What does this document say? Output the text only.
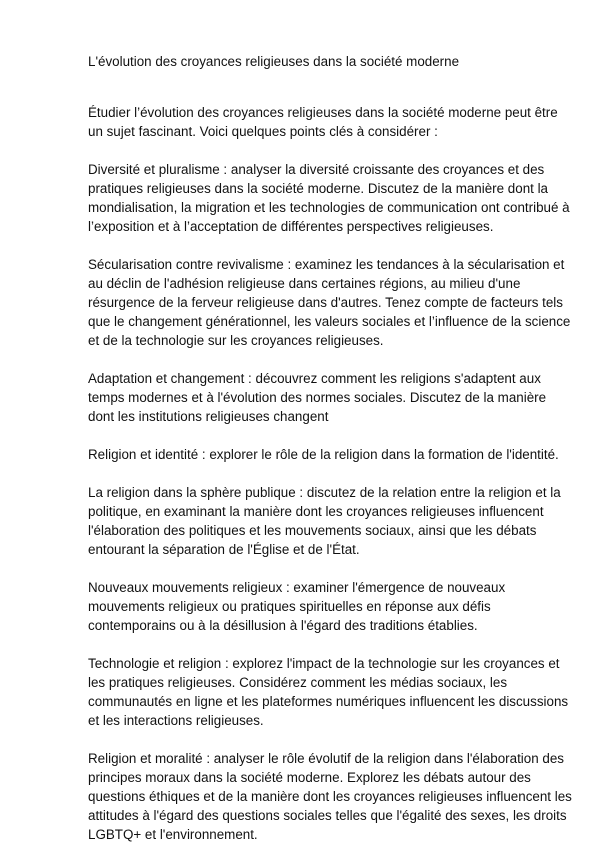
L'évolution des croyances religieuses dans la société moderne

Étudier l’évolution des croyances religieuses dans la société moderne peut être un sujet fascinant. Voici quelques points clés à considérer :

Diversité et pluralisme : analyser la diversité croissante des croyances et des pratiques religieuses dans la société moderne. Discutez de la manière dont la mondialisation, la migration et les technologies de communication ont contribué à l’exposition et à l’acceptation de différentes perspectives religieuses.

Sécularisation contre revivalisme : examinez les tendances à la sécularisation et au déclin de l'adhésion religieuse dans certaines régions, au milieu d'une résurgence de la ferveur religieuse dans d'autres. Tenez compte de facteurs tels que le changement générationnel, les valeurs sociales et l’influence de la science et de la technologie sur les croyances religieuses.

Adaptation et changement : découvrez comment les religions s'adaptent aux temps modernes et à l'évolution des normes sociales. Discutez de la manière dont les institutions religieuses changent

Religion et identité : explorer le rôle de la religion dans la formation de l'identité.

La religion dans la sphère publique : discutez de la relation entre la religion et la politique, en examinant la manière dont les croyances religieuses influencent l'élaboration des politiques et les mouvements sociaux, ainsi que les débats entourant la séparation de l'Église et de l'État.

Nouveaux mouvements religieux : examiner l'émergence de nouveaux mouvements religieux ou pratiques spirituelles en réponse aux défis contemporains ou à la désillusion à l'égard des traditions établies.

Technologie et religion : explorez l'impact de la technologie sur les croyances et les pratiques religieuses. Considérez comment les médias sociaux, les communautés en ligne et les plateformes numériques influencent les discussions et les interactions religieuses.

Religion et moralité : analyser le rôle évolutif de la religion dans l'élaboration des principes moraux dans la société moderne. Explorez les débats autour des questions éthiques et de la manière dont les croyances religieuses influencent les attitudes à l'égard des questions sociales telles que l'égalité des sexes, les droits LGBTQ+ et l'environnement.
